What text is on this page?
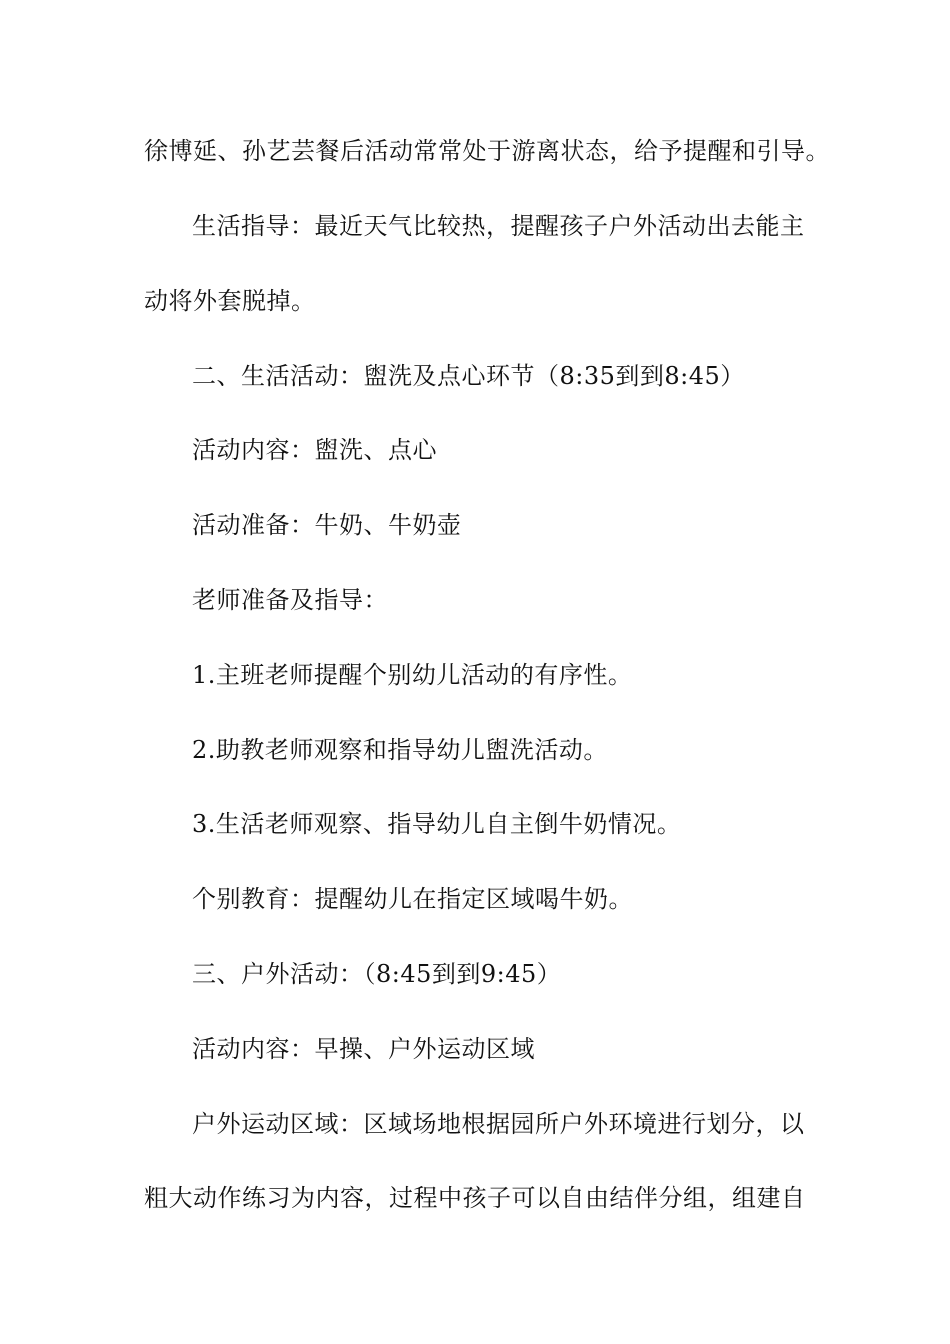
徐博延、孙艺芸餐后活动常常处于游离状态，给予提醒和引导。
生活指导：最近天气比较热，提醒孩子户外活动出去能主
动将外套脱掉。
二、生活活动：盥洗及点心环节（8:35到到8:45）
活动内容：盥洗、点心
活动准备：牛奶、牛奶壶
老师准备及指导：
1.主班老师提醒个别幼儿活动的有序性。
2.助教老师观察和指导幼儿盥洗活动。
3.生活老师观察、指导幼儿自主倒牛奶情况。
个别教育：提醒幼儿在指定区域喝牛奶。
三、户外活动：（8:45到到9:45）
活动内容：早操、户外运动区域
户外运动区域：区域场地根据园所户外环境进行划分，以
粗大动作练习为内容，过程中孩子可以自由结伴分组，组建自
